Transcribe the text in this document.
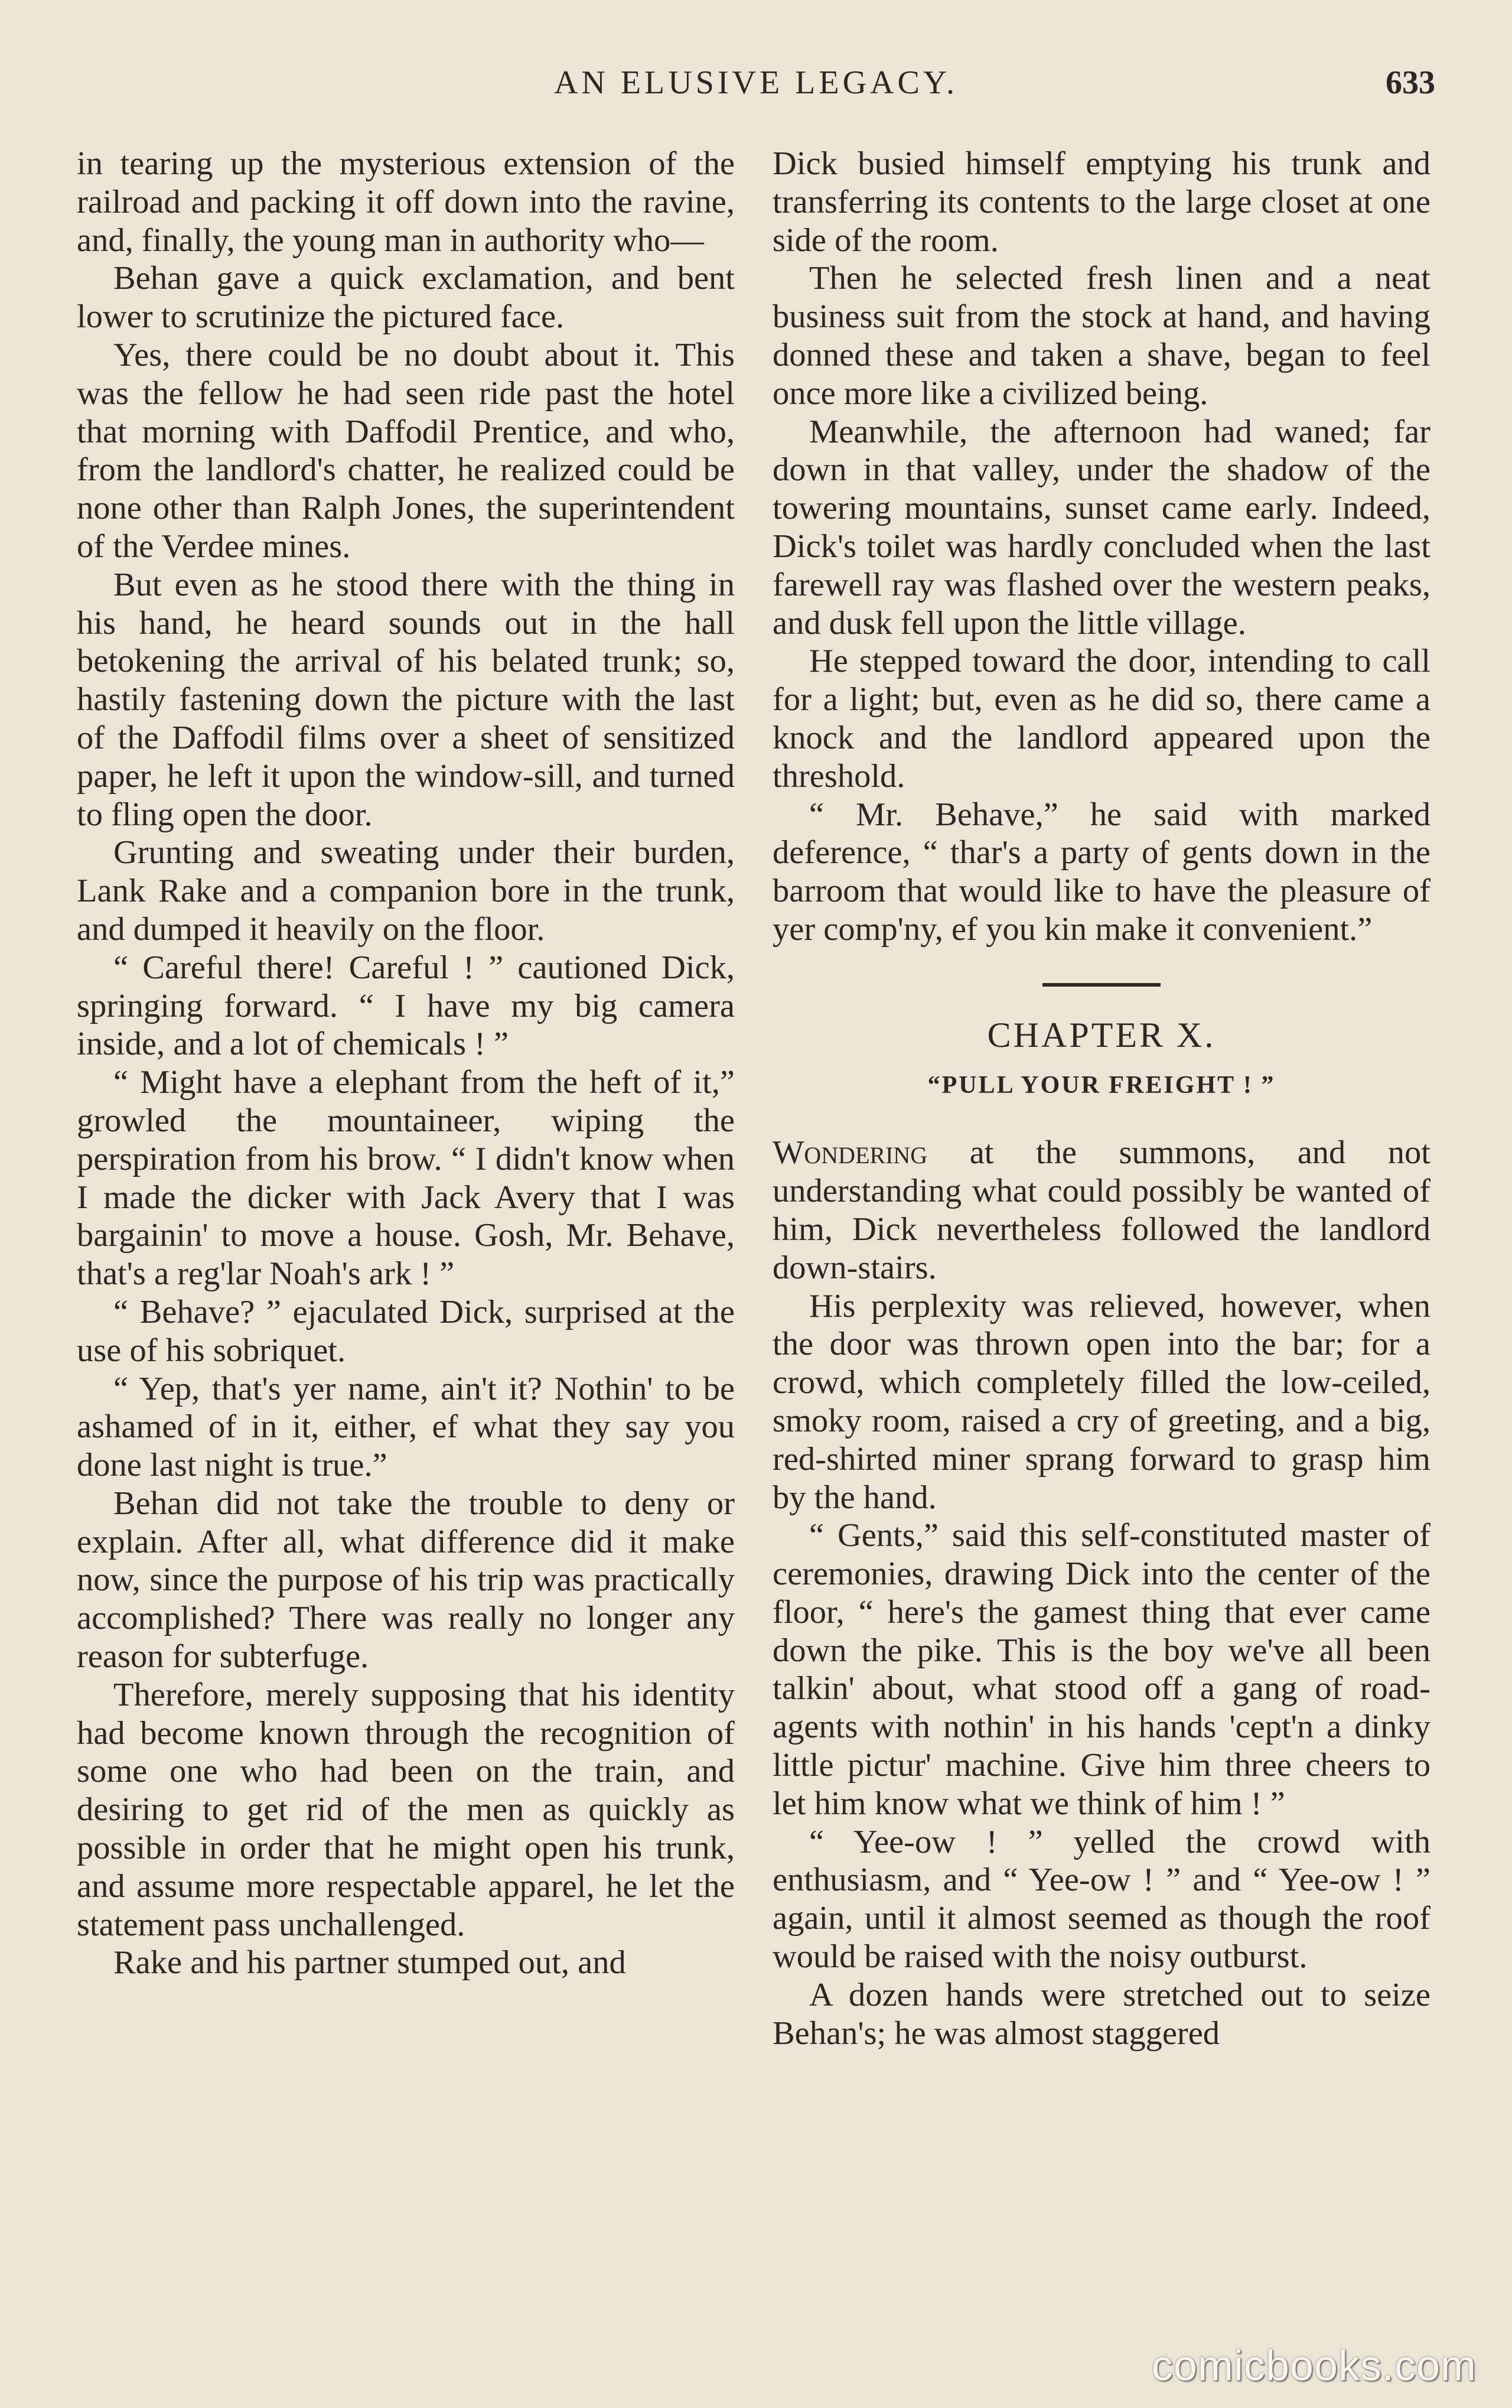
AN ELUSIVE LEGACY.	633

in tearing up the mysterious extension of the railroad and packing it off down into the ravine, and, finally, the young man in authority who—

Behan gave a quick exclamation, and bent lower to scrutinize the pictured face.

Yes, there could be no doubt about it. This was the fellow he had seen ride past the hotel that morning with Daffodil Prentice, and who, from the landlord's chatter, he realized could be none other than Ralph Jones, the superintendent of the Verdee mines.

But even as he stood there with the thing in his hand, he heard sounds out in the hall betokening the arrival of his belated trunk; so, hastily fastening down the picture with the last of the Daffodil films over a sheet of sensitized paper, he left it upon the window-sill, and turned to fling open the door.

Grunting and sweating under their burden, Lank Rake and a companion bore in the trunk, and dumped it heavily on the floor.

“ Careful there! Careful ! ” cautioned Dick, springing forward. “ I have my big camera inside, and a lot of chemicals ! ”

“ Might have a elephant from the heft of it,” growled the mountaineer, wiping the perspiration from his brow. “ I didn't know when I made the dicker with Jack Avery that I was bargainin' to move a house. Gosh, Mr. Behave, that's a reg'lar Noah's ark ! ”

“ Behave? ” ejaculated Dick, surprised at the use of his sobriquet.

“ Yep, that's yer name, ain't it? Nothin' to be ashamed of in it, either, ef what they say you done last night is true.”

Behan did not take the trouble to deny or explain. After all, what difference did it make now, since the purpose of his trip was practically accomplished? There was really no longer any reason for subterfuge.

Therefore, merely supposing that his identity had become known through the recognition of some one who had been on the train, and desiring to get rid of the men as quickly as possible in order that he might open his trunk, and assume more respectable apparel, he let the statement pass unchallenged.

Rake and his partner stumped out, and

Dick busied himself emptying his trunk and transferring its contents to the large closet at one side of the room.

Then he selected fresh linen and a neat business suit from the stock at hand, and having donned these and taken a shave, began to feel once more like a civilized being.

Meanwhile, the afternoon had waned; far down in that valley, under the shadow of the towering mountains, sunset came early. Indeed, Dick's toilet was hardly concluded when the last farewell ray was flashed over the western peaks, and dusk fell upon the little village.

He stepped toward the door, intending to call for a light; but, even as he did so, there came a knock and the landlord appeared upon the threshold.

“ Mr. Behave,” he said with marked deference, “ thar's a party of gents down in the barroom that would like to have the pleasure of yer comp'ny, ef you kin make it convenient.”

CHAPTER X.
“PULL YOUR FREIGHT ! ”

Wondering at the summons, and not understanding what could possibly be wanted of him, Dick nevertheless followed the landlord down-stairs.

His perplexity was relieved, however, when the door was thrown open into the bar; for a crowd, which completely filled the low-ceiled, smoky room, raised a cry of greeting, and a big, red-shirted miner sprang forward to grasp him by the hand.

“ Gents,” said this self-constituted master of ceremonies, drawing Dick into the center of the floor, “ here's the gamest thing that ever came down the pike. This is the boy we've all been talkin' about, what stood off a gang of road-agents with nothin' in his hands 'cept'n a dinky little pictur' machine. Give him three cheers to let him know what we think of him ! ”

“ Yee-ow ! ” yelled the crowd with enthusiasm, and “ Yee-ow ! ” and “ Yee-ow ! ” again, until it almost seemed as though the roof would be raised with the noisy outburst.

A dozen hands were stretched out to seize Behan's; he was almost staggered

comicbooks.com
